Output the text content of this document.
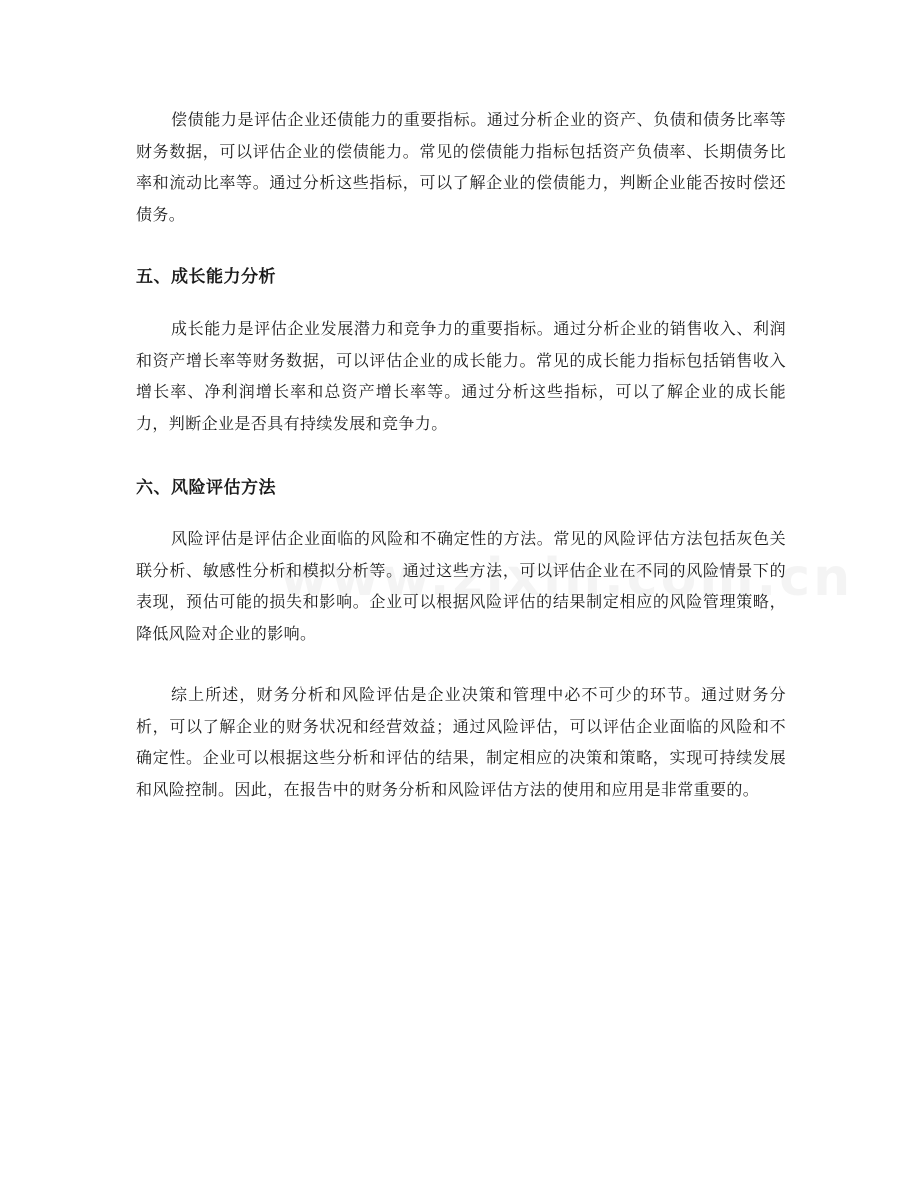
偿债能力是评估企业还债能力的重要指标。通过分析企业的资产、负债和债务比率等财务数据，可以评估企业的偿债能力。常见的偿债能力指标包括资产负债率、长期债务比率和流动比率等。通过分析这些指标，可以了解企业的偿债能力，判断企业能否按时偿还债务。

五、成长能力分析

成长能力是评估企业发展潜力和竞争力的重要指标。通过分析企业的销售收入、利润和资产增长率等财务数据，可以评估企业的成长能力。常见的成长能力指标包括销售收入增长率、净利润增长率和总资产增长率等。通过分析这些指标，可以了解企业的成长能力，判断企业是否具有持续发展和竞争力。

六、风险评估方法

风险评估是评估企业面临的风险和不确定性的方法。常见的风险评估方法包括灰色关联分析、敏感性分析和模拟分析等。通过这些方法，可以评估企业在不同的风险情景下的表现，预估可能的损失和影响。企业可以根据风险评估的结果制定相应的风险管理策略，降低风险对企业的影响。

综上所述，财务分析和风险评估是企业决策和管理中必不可少的环节。通过财务分析，可以了解企业的财务状况和经营效益；通过风险评估，可以评估企业面临的风险和不确定性。企业可以根据这些分析和评估的结果，制定相应的决策和策略，实现可持续发展和风险控制。因此，在报告中的财务分析和风险评估方法的使用和应用是非常重要的。
